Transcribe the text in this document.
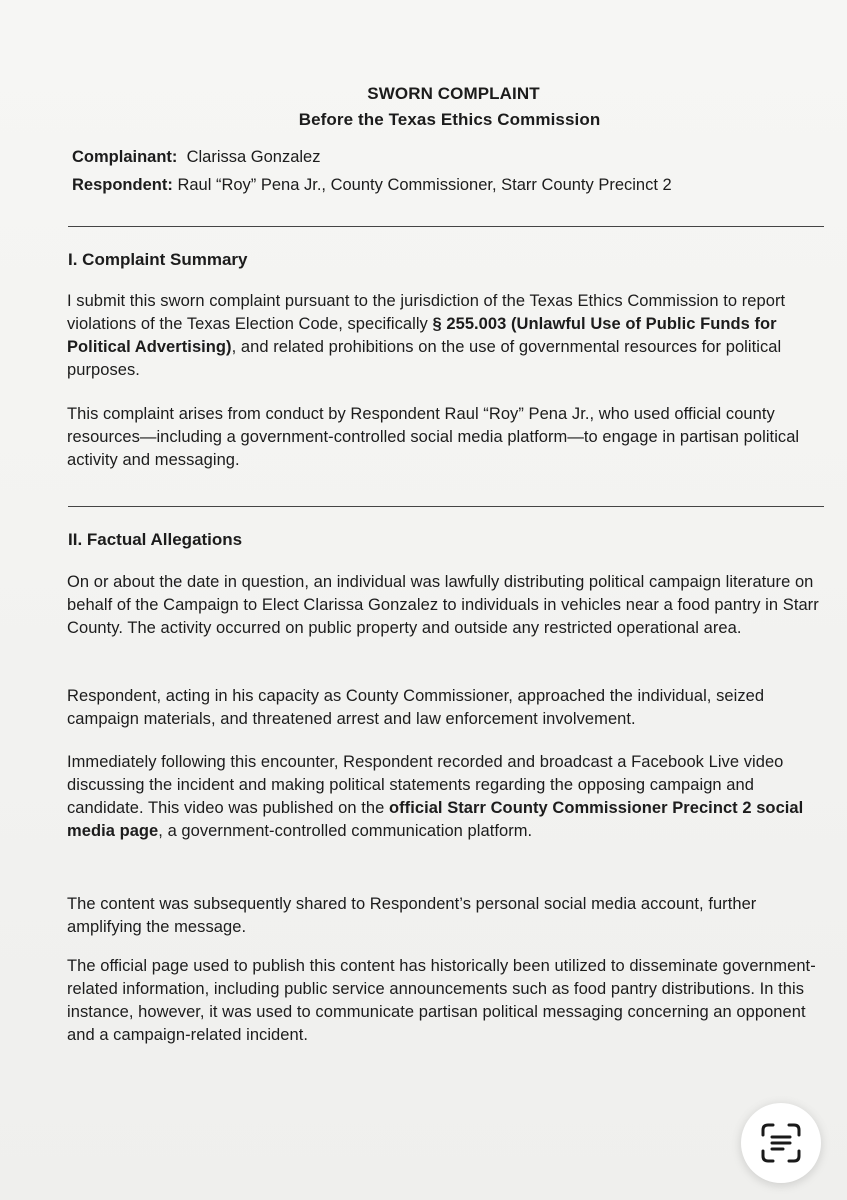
SWORN COMPLAINT
Before the Texas Ethics Commission
Complainant: Clarissa Gonzalez
Respondent: Raul “Roy” Pena Jr., County Commissioner, Starr County Precinct 2
I. Complaint Summary
I submit this sworn complaint pursuant to the jurisdiction of the Texas Ethics Commission to report violations of the Texas Election Code, specifically § 255.003 (Unlawful Use of Public Funds for Political Advertising), and related prohibitions on the use of governmental resources for political purposes.
This complaint arises from conduct by Respondent Raul “Roy” Pena Jr., who used official county resources—including a government-controlled social media platform—to engage in partisan political activity and messaging.
II. Factual Allegations
On or about the date in question, an individual was lawfully distributing political campaign literature on behalf of the Campaign to Elect Clarissa Gonzalez to individuals in vehicles near a food pantry in Starr County. The activity occurred on public property and outside any restricted operational area.
Respondent, acting in his capacity as County Commissioner, approached the individual, seized campaign materials, and threatened arrest and law enforcement involvement.
Immediately following this encounter, Respondent recorded and broadcast a Facebook Live video discussing the incident and making political statements regarding the opposing campaign and candidate. This video was published on the official Starr County Commissioner Precinct 2 social media page, a government-controlled communication platform.
The content was subsequently shared to Respondent’s personal social media account, further amplifying the message.
The official page used to publish this content has historically been utilized to disseminate government-related information, including public service announcements such as food pantry distributions. In this instance, however, it was used to communicate partisan political messaging concerning an opponent and a campaign-related incident.
